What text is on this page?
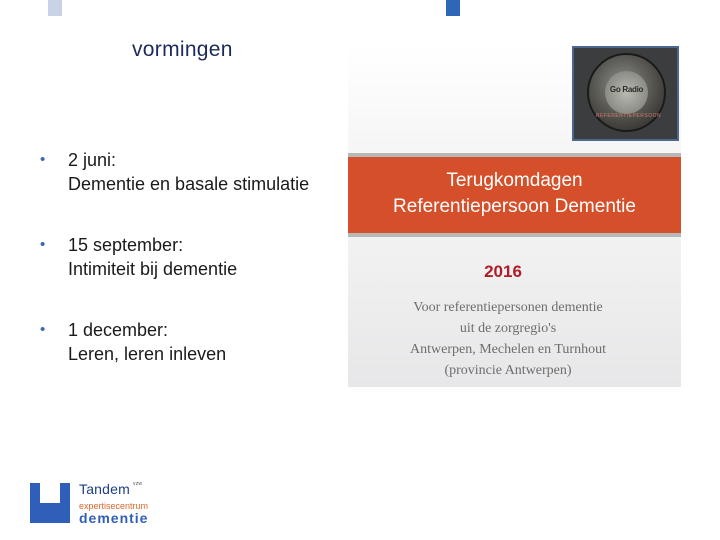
vormingen
• 2 juni:
Dementie en basale stimulatie
• 15 september:
Intimiteit bij dementie
• 1 december:
Leren, leren inleven
Go Radio
REFERENTIEPERSOON
Terugkomdagen
Referentiepersoon Dementie
2016
Voor referentiepersonen dementie
uit de zorgregio's
Antwerpen, Mechelen en Turnhout
(provincie Antwerpen)
Tandem $^{vzw}$
expertisecentrum
dementie
